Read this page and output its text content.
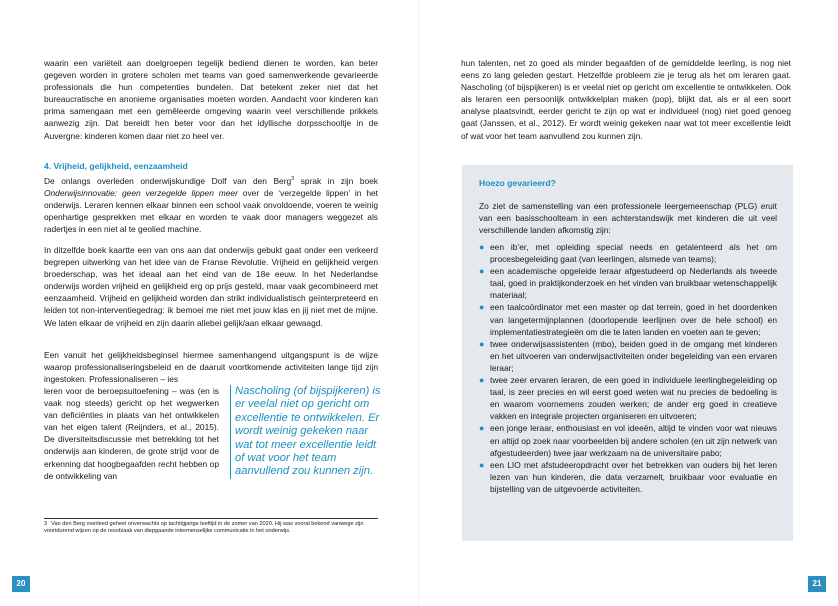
waarin een variëteit aan doelgroepen tegelijk bediend dienen te worden, kan beter gegeven worden in grotere scholen met teams van goed samenwerkende gevarieerde professionals die hun competenties bundelen. Dat betekent zeker niet dat het bureaucratische en anonieme organisaties moeten worden. Aandacht voor kinderen kan prima samengaan met een gemêleerde omgeving waarin veel verschillende prikkels aanwezig zijn. Dat bereidt hen beter voor dan het idyllische dorpsschooltje in de Auvergne: kinderen komen daar niet zo heel ver.

4. Vrijheid, gelijkheid, eenzaamheid

De onlangs overleden onderwijskundige Dolf van den Berg$^3$ sprak in zijn boek Onderwijsinnovatie: geen verzegelde lippen meer over de ‘verzegelde lippen’ in het onderwijs. Leraren kennen elkaar binnen een school vaak onvoldoende, voeren te weinig openhartige gesprekken met elkaar en worden te vaak door managers weggezet als radertjes in een niet al te geolied machine.

In ditzelfde boek kaartte een van ons aan dat onderwijs gebukt gaat onder een verkeerd begrepen uitwerking van het idee van de Franse Revolutie. Vrijheid en gelijkheid vergen broederschap, was het ideaal aan het eind van de 18e eeuw. In het Nederlandse onderwijs worden vrijheid en gelijkheid erg op prijs gesteld, maar vaak gecombineerd met eenzaamheid. Vrijheid en gelijkheid worden dan strikt individualistisch geïnterpreteerd en leiden tot non-interventiegedrag: ik bemoei me niet met jouw klas en jij niet met de mijne. We laten elkaar de vrijheid en zijn daarin allebei gelijk/aan elkaar gewaagd.

Een vanuit het gelijkheidsbeginsel hiermee samenhangend uitgangspunt is de wijze waarop professionaliseringsbeleid en de daaruit voortkomende activiteiten lange tijd zijn ingestoken. Professionaliseren – ies

leren voor de beroepsuitoefening – was (en is vaak nog steeds) gericht op het wegwerken van deficiënties in plaats van het ontwikkelen van het eigen talent (Reijnders, et al., 2015). De diversiteitsdiscussie met betrekking tot het onderwijs aan kinderen, de grote strijd voor de erkenning dat hoogbegaafden recht hebben op de ontwikkeling van

Nascholing (of bijspijkeren) is er veelal niet op gericht om excellentie te ontwikkelen. Er wordt weinig gekeken naar wat tot meer excellentie leidt of wat voor het team aanvullend zou kunnen zijn.

3 Van den Berg overleed geheel onverwachts op tachtigjarige leeftijd in de zomer van 2020. Hij was vooral bekend vanwege zijn voortdurend wijzen op de noodzaak van diepgaande intermenselijke communicatie in het onderwijs.
20

hun talenten, net zo goed als minder begaafden of de gemiddelde leerling, is nog niet eens zo lang geleden gestart. Hetzelfde probleem zie je terug als het om leraren gaat. Nascholing (of bijspijkeren) is er veelal niet op gericht om excellentie te ontwikkelen. Ook als leraren een persoonlijk ontwikkelplan maken (pop), blijkt dat, als er al een soort analyse plaatsvindt, eerder gericht te zijn op wat er individueel (nog) niet goed genoeg gaat (Janssen, et al., 2012). Er wordt weinig gekeken naar wat tot meer excellentie leidt of wat voor het team aanvullend zou kunnen zijn.

Hoezo gevarieerd?

Zo ziet de samenstelling van een professionele leergemeenschap (PLG) eruit van een basisschoolteam in een achterstandswijk met kinderen die uit veel verschillende landen afkomstig zijn:

● een ib’er, met opleiding special needs en getalenteerd als het om procesbegeleiding gaat (van leerlingen, alsmede van teams);
● een academische opgeleide leraar afgestudeerd op Nederlands als tweede taal, goed in praktijkonderzoek en het vinden van bruikbaar wetenschappelijk materiaal;
● een taalcoördinator met een master op dat terrein, goed in het doordenken van langetermijnplannen (doorlopende leerlijnen over de hele school) en implementatiestrategieën om die te laten landen en voeten aan te geven;
● twee onderwijsassistenten (mbo), beiden goed in de omgang met kinderen en het uitvoeren van onderwijsactiviteiten onder begeleiding van een ervaren leraar;
● twee zeer ervaren leraren, de een goed in individuele leerlingbegeleiding op taal, is zeer precies en wil eerst goed weten wat nu precies de bedoeling is en waarom voornemens zouden werken; de ander erg goed in creatieve vakken en integrale projecten organiseren en uitvoeren;
● een jonge leraar, enthousiast en vol ideeën, altijd te vinden voor wat nieuws en altijd op zoek naar voorbeelden bij andere scholen (en uit zijn netwerk van afgestudeerden) twee jaar werkzaam na de universitaire pabo;
● een LIO met afstudeeropdracht over het betrekken van ouders bij het leren lezen van hun kinderen, die data verzamelt, bruikbaar voor evaluatie en bijstelling van de uitgevoerde activiteiten.
21
